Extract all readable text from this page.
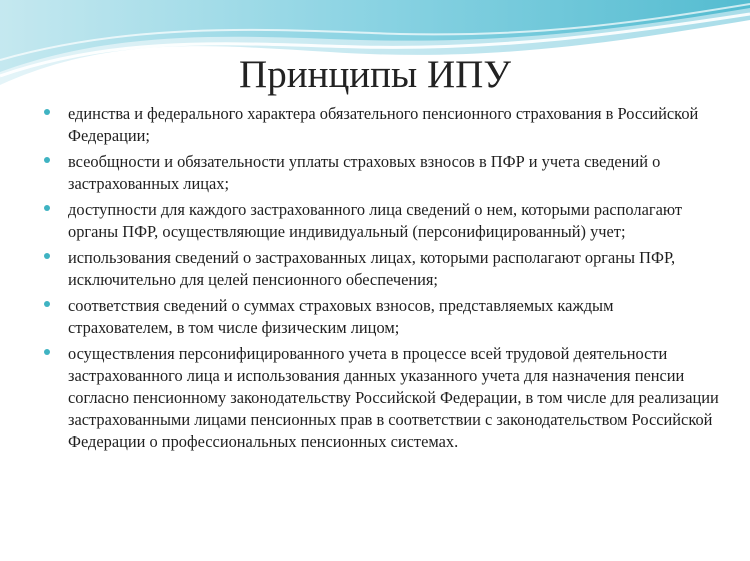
Принципы ИПУ
единства и федерального характера обязательного пенсионного страхования в Российской Федерации;
всеобщности и обязательности уплаты страховых взносов в ПФР и учета сведений о застрахованных лицах;
доступности для каждого застрахованного лица сведений о нем, которыми располагают органы ПФР, осуществляющие индивидуальный (персонифицированный) учет;
использования сведений о застрахованных лицах, которыми располагают органы ПФР, исключительно для целей пенсионного обеспечения;
соответствия сведений о суммах страховых взносов, представляемых каждым страхователем, в том числе физическим лицом;
осуществления персонифицированного учета в процессе всей трудовой деятельности застрахованного лица и использования данных указанного учета для назначения пенсии согласно пенсионному законодательству Российской Федерации, в том числе для реализации застрахованными лицами пенсионных прав в соответствии с законодательством Российской Федерации о профессиональных пенсионных системах.
